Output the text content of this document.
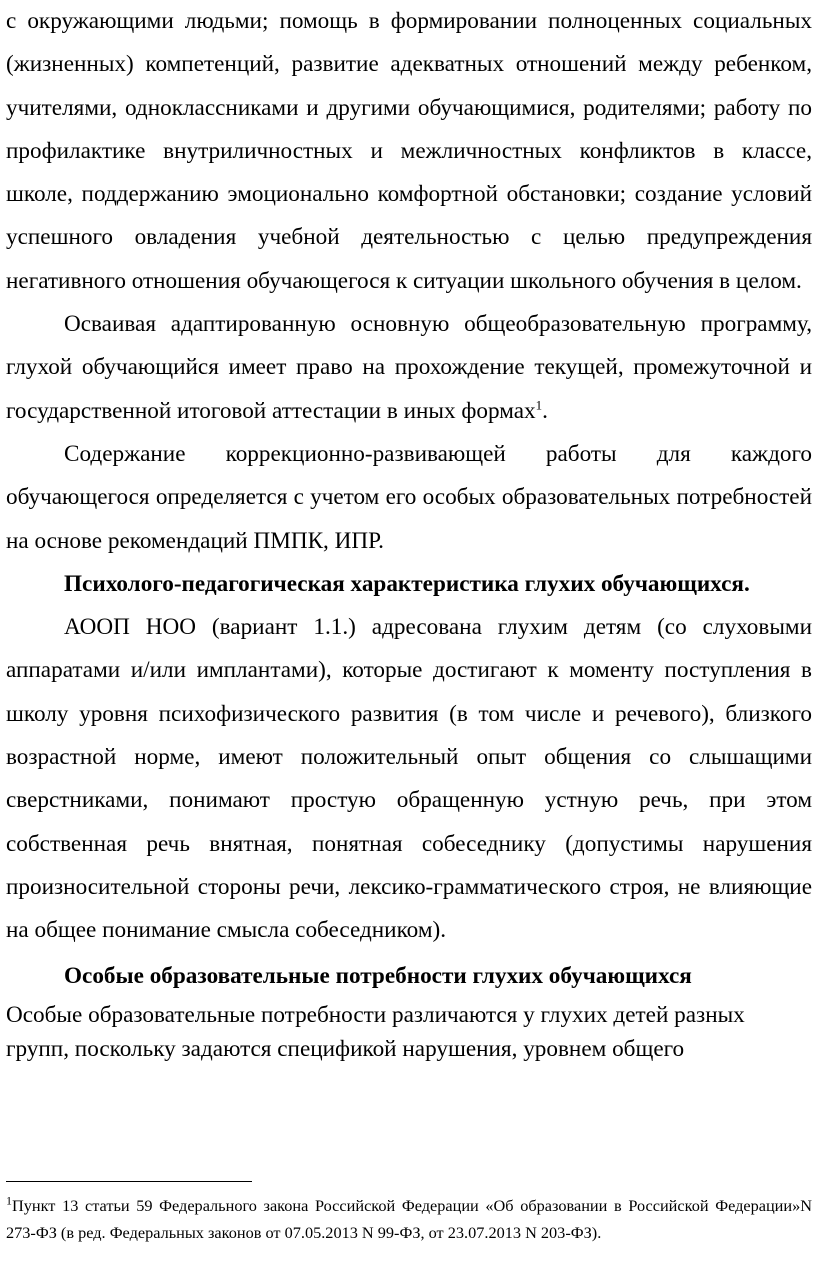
с окружающими людьми; помощь в формировании полноценных социальных (жизненных) компетенций, развитие адекватных отношений между ребенком, учителями, одноклассниками и другими обучающимися, родителями; работу по профилактике внутриличностных и межличностных конфликтов в классе, школе, поддержанию эмоционально комфортной обстановки; создание условий успешного овладения учебной деятельностью с целью предупреждения негативного отношения обучающегося к ситуации школьного обучения в целом.

Осваивая адаптированную основную общеобразовательную программу, глухой обучающийся имеет право на прохождение текущей, промежуточной и государственной итоговой аттестации в иных формах$^1$.

Содержание коррекционно-развивающей работы для каждого обучающегося определяется с учетом его особых образовательных потребностей на основе рекомендаций ПМПК, ИПР.

Психолого-педагогическая характеристика глухих обучающихся.

АООП НОО (вариант 1.1.) адресована глухим детям (со слуховыми аппаратами и/или имплантами), которые достигают к моменту поступления в школу уровня психофизического развития (в том числе и речевого), близкого возрастной норме, имеют положительный опыт общения со слышащими сверстниками, понимают простую обращенную устную речь, при этом собственная речь внятная, понятная собеседнику (допустимы нарушения произносительной стороны речи, лексико-грамматического строя, не влияющие на общее понимание смысла собеседником).

Особые образовательные потребности глухих обучающихся

Особые образовательные потребности различаются у глухих детей разных групп, поскольку задаются спецификой нарушения, уровнем общего

$^1$Пункт 13 статьи 59 Федерального закона Российской Федерации «Об образовании в Российской Федерации»N 273-ФЗ (в ред. Федеральных законов от 07.05.2013 N 99-ФЗ, от 23.07.2013 N 203-ФЗ).
